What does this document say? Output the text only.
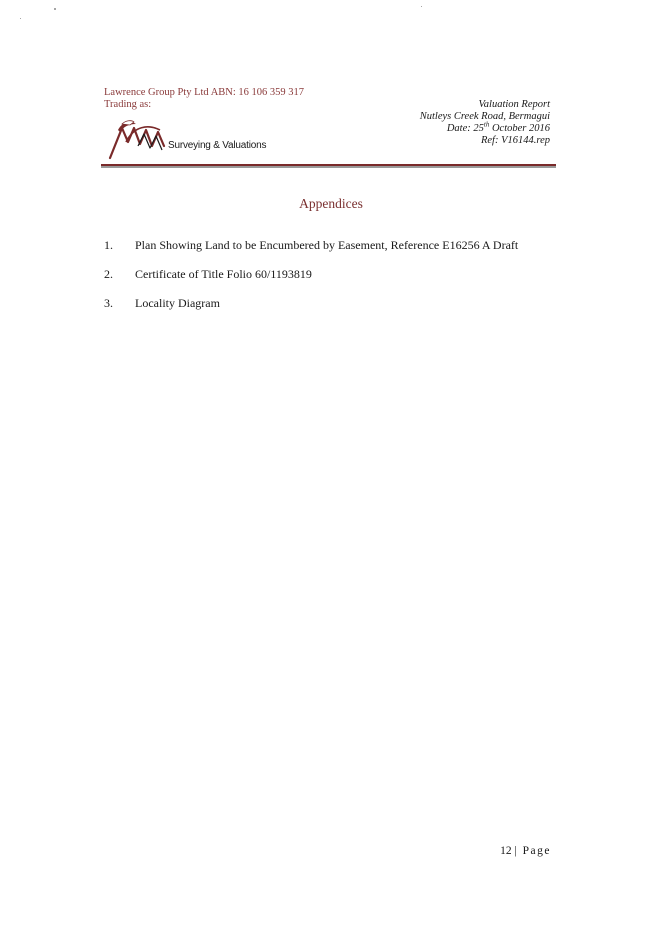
Lawrence Group Pty Ltd ABN: 16 106 359 317
Trading as:
Surveying & Valuations
Valuation Report
Nutleys Creek Road, Bermagui
Date: 25th October 2016
Ref: V16144.rep
Appendices
1.	Plan Showing Land to be Encumbered by Easement, Reference E16256 A Draft
2.	Certificate of Title Folio 60/1193819
3.	Locality Diagram
12 | Page
